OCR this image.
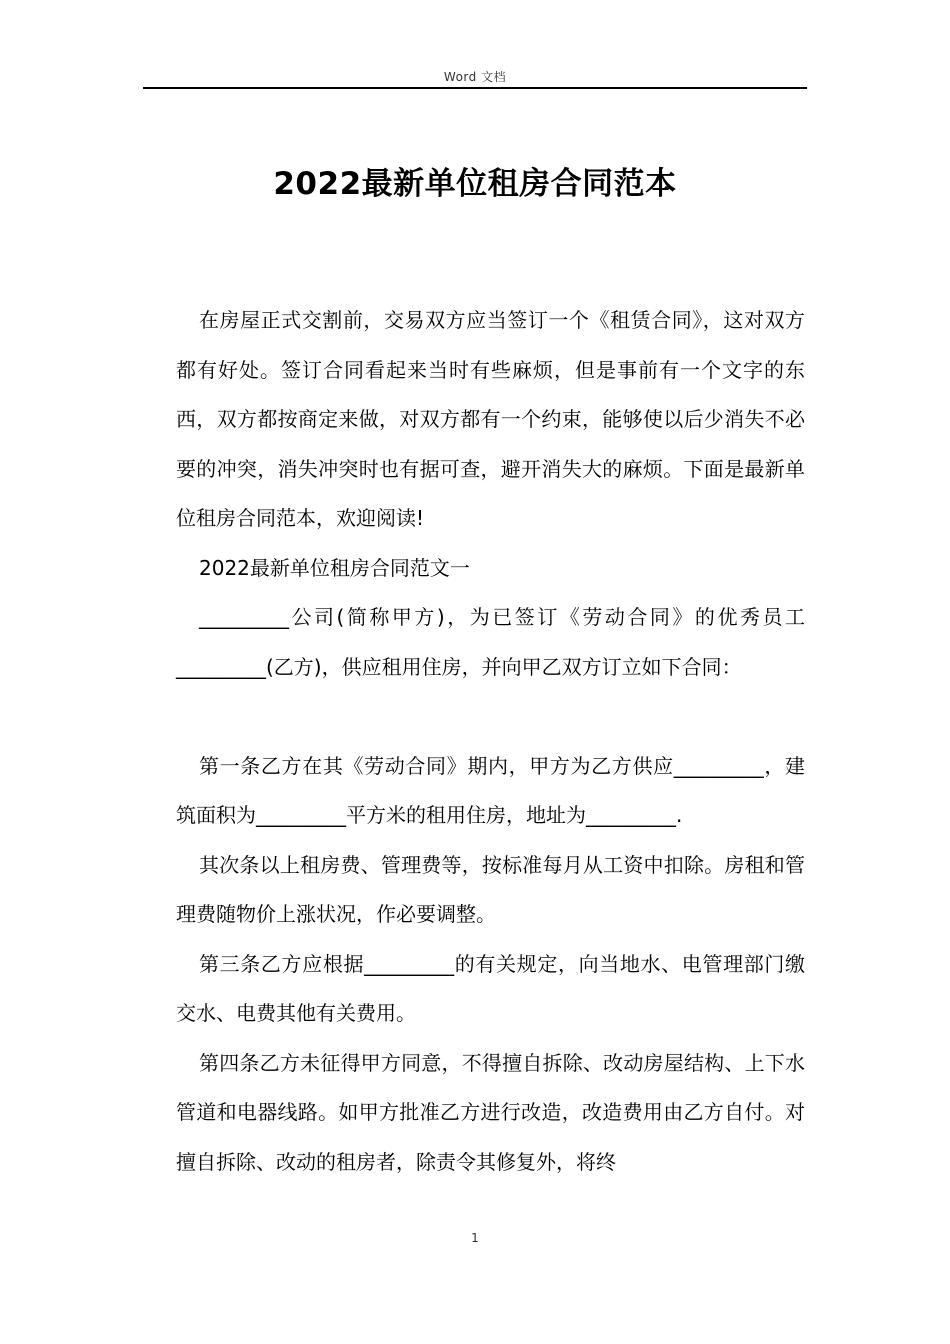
Word 文档
2022最新单位租房合同范本

在房屋正式交割前，交易双方应当签订一个《租赁合同》，这对双方都有好处。签订合同看起来当时有些麻烦，但是事前有一个文字的东西，双方都按商定来做，对双方都有一个约束，能够使以后少消失不必要的冲突，消失冲突时也有据可查，避开消失大的麻烦。下面是最新单位租房合同范本，欢迎阅读!

2022最新单位租房合同范文一

_________公司(简称甲方)，为已签订《劳动合同》的优秀员工_________(乙方)，供应租用住房，并向甲乙双方订立如下合同：

第一条乙方在其《劳动合同》期内，甲方为乙方供应_________，建筑面积为_________平方米的租用住房，地址为_________.

其次条以上租房费、管理费等，按标准每月从工资中扣除。房租和管理费随物价上涨状况，作必要调整。

第三条乙方应根据_________的有关规定，向当地水、电管理部门缴交水、电费其他有关费用。

第四条乙方未征得甲方同意，不得擅自拆除、改动房屋结构、上下水管道和电器线路。如甲方批准乙方进行改造，改造费用由乙方自付。对擅自拆除、改动的租房者，除责令其修复外，将终

1
